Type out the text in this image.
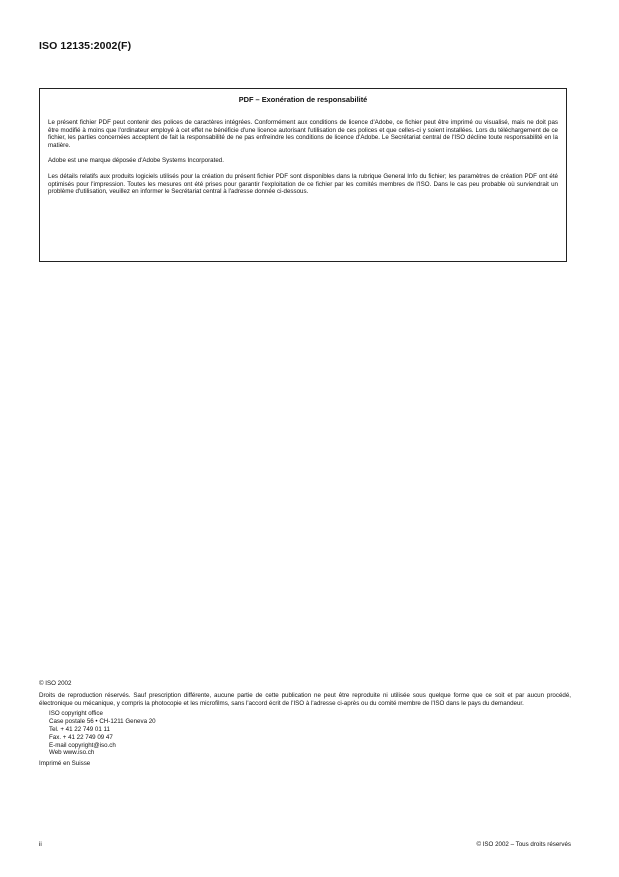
ISO 12135:2002(F)
PDF – Exonération de responsabilité

Le présent fichier PDF peut contenir des polices de caractères intégrées. Conformément aux conditions de licence d'Adobe, ce fichier peut être imprimé ou visualisé, mais ne doit pas être modifié à moins que l'ordinateur employé à cet effet ne bénéficie d'une licence autorisant l'utilisation de ces polices et que celles-ci y soient installées. Lors du téléchargement de ce fichier, les parties concernées acceptent de fait la responsabilité de ne pas enfreindre les conditions de licence d'Adobe. Le Secrétariat central de l'ISO décline toute responsabilité en la matière.

Adobe est une marque déposée d'Adobe Systems Incorporated.

Les détails relatifs aux produits logiciels utilisés pour la création du présent fichier PDF sont disponibles dans la rubrique General Info du fichier; les paramètres de création PDF ont été optimisés pour l'impression. Toutes les mesures ont été prises pour garantir l'exploitation de ce fichier par les comités membres de l'ISO. Dans le cas peu probable où surviendrait un problème d'utilisation, veuillez en informer le Secrétariat central à l'adresse donnée ci-dessous.

© ISO 2002
Droits de reproduction réservés. Sauf prescription différente, aucune partie de cette publication ne peut être reproduite ni utilisée sous quelque forme que ce soit et par aucun procédé, électronique ou mécanique, y compris la photocopie et les microfilms, sans l'accord écrit de l'ISO à l'adresse ci-après ou du comité membre de l'ISO dans le pays du demandeur.
ISO copyright office
Case postale 56 • CH-1211 Geneva 20
Tel. + 41 22 749 01 11
Fax. + 41 22 749 09 47
E-mail copyright@iso.ch
Web www.iso.ch
Imprimé en Suisse
ii	© ISO 2002 – Tous droits réservés
